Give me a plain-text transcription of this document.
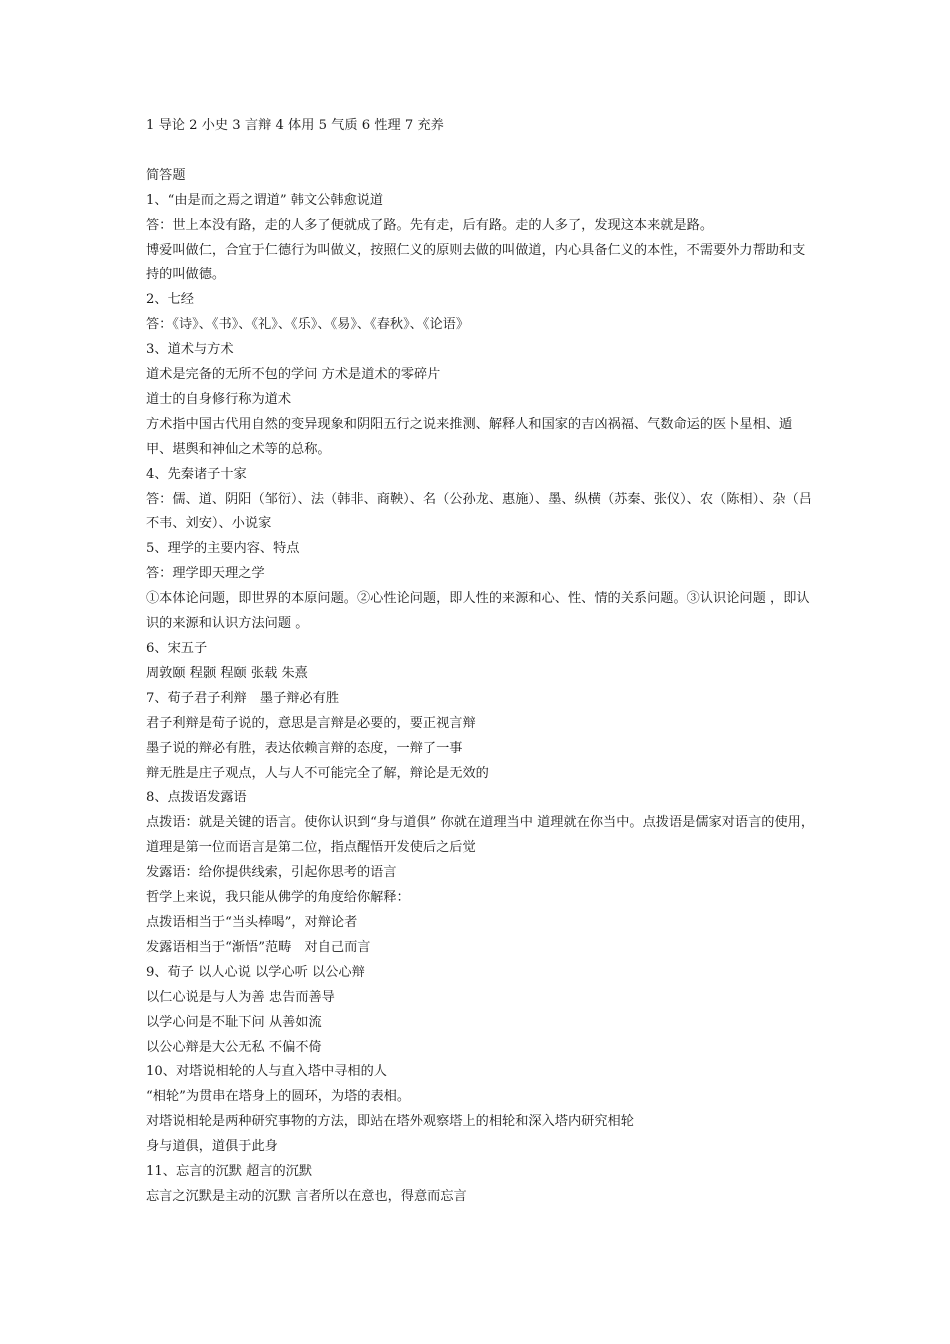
1 导论 2 小史 3 言辩 4 体用 5 气质 6 性理 7 充养
简答题
1、“由是而之焉之谓道” 韩文公韩愈说道
答：世上本没有路，走的人多了便就成了路。先有走，后有路。走的人多了，发现这本来就是路。
博爱叫做仁，合宜于仁德行为叫做义，按照仁义的原则去做的叫做道，内心具备仁义的本性，不需要外力帮助和支持的叫做德。
2、七经
答：《诗》、《书》、《礼》、《乐》、《易》、《春秋》、《论语》
3、道术与方术
道术是完备的无所不包的学问 方术是道术的零碎片
道士的自身修行称为道术
方术指中国古代用自然的变异现象和阴阳五行之说来推测、解释人和国家的吉凶祸福、气数命运的医卜星相、遁甲、堪舆和神仙之术等的总称。
4、先秦诸子十家
答：儒、道、阴阳（邹衍）、法（韩非、商鞅）、名（公孙龙、惠施）、墨、纵横（苏秦、张仪）、农（陈相）、杂（吕不韦、刘安）、小说家
5、理学的主要内容、特点
答：理学即天理之学
①本体论问题，即世界的本原问题。②心性论问题，即人性的来源和心、性、情的关系问题。③认识论问题 ，即认识的来源和认识方法问题 。
6、宋五子
周敦颐 程颢 程颐 张载 朱熹
7、荀子君子利辩　墨子辩必有胜
君子利辩是荀子说的，意思是言辩是必要的，要正视言辩
墨子说的辩必有胜，表达依赖言辩的态度，一辩了一事
辩无胜是庄子观点，人与人不可能完全了解，辩论是无效的
8、点拨语发露语
点拨语：就是关键的语言。使你认识到“身与道俱” 你就在道理当中 道理就在你当中。点拨语是儒家对语言的使用，道理是第一位而语言是第二位，指点醒悟开发使后之后觉
发露语：给你提供线索，引起你思考的语言
哲学上来说，我只能从佛学的角度给你解释：
点拨语相当于“当头棒喝”，对辩论者
发露语相当于“渐悟”范畴　对自己而言
9、荀子 以人心说 以学心听 以公心辩
以仁心说是与人为善 忠告而善导
以学心问是不耻下问 从善如流
以公心辩是大公无私 不偏不倚
10、对塔说相轮的人与直入塔中寻相的人
“相轮”为贯串在塔身上的圆环，为塔的表相。
对塔说相轮是两种研究事物的方法，即站在塔外观察塔上的相轮和深入塔内研究相轮
身与道俱，道俱于此身
11、忘言的沉默 超言的沉默
忘言之沉默是主动的沉默 言者所以在意也，得意而忘言
